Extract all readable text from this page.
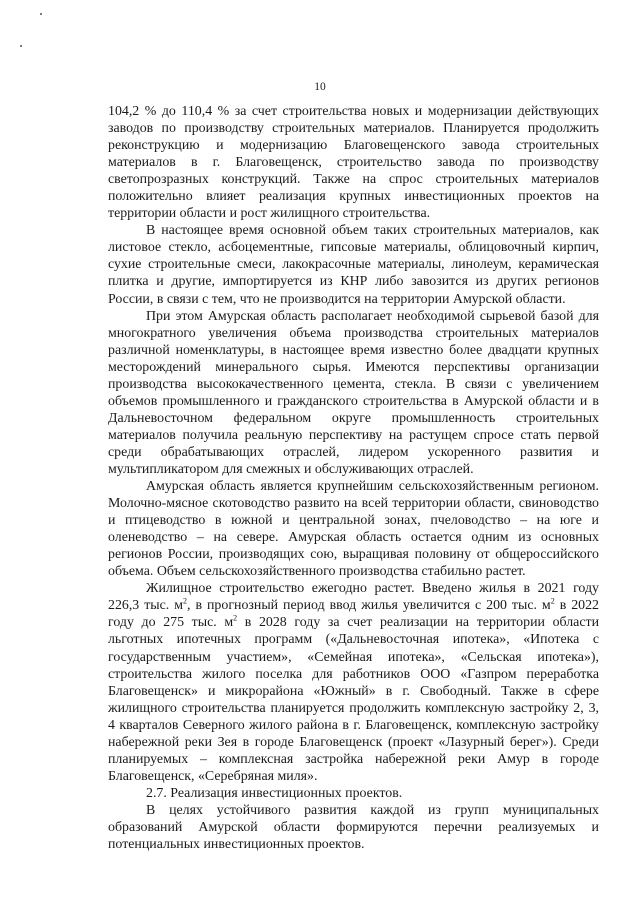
10

104,2 % до 110,4 % за счет строительства новых и модернизации действующих заводов по производству строительных материалов. Планируется продолжить реконструкцию и модернизацию Благовещенского завода строительных материалов в г. Благовещенск, строительство завода по производству светопрозразных конструкций. Также на спрос строительных материалов положительно влияет реализация крупных инвестиционных проектов на территории области и рост жилищного строительства.

В настоящее время основной объем таких строительных материалов, как листовое стекло, асбоцементные, гипсовые материалы, облицовочный кирпич, сухие строительные смеси, лакокрасочные материалы, линолеум, керамическая плитка и другие, импортируется из КНР либо завозится из других регионов России, в связи с тем, что не производится на территории Амурской области.

При этом Амурская область располагает необходимой сырьевой базой для многократного увеличения объема производства строительных материалов различной номенклатуры, в настоящее время известно более двадцати крупных месторождений минерального сырья. Имеются перспективы организации производства высококачественного цемента, стекла. В связи с увеличением объемов промышленного и гражданского строительства в Амурской области и в Дальневосточном федеральном округе промышленность строительных материалов получила реальную перспективу на растущем спросе стать первой среди обрабатывающих отраслей, лидером ускоренного развития и мультипликатором для смежных и обслуживающих отраслей.

Амурская область является крупнейшим сельскохозяйственным регионом. Молочно-мясное скотоводство развито на всей территории области, свиноводство и птицеводство в южной и центральной зонах, пчеловодство – на юге и оленеводство – на севере. Амурская область остается одним из основных регионов России, производящих сою, выращивая половину от общероссийского объема. Объем сельскохозяйственного производства стабильно растет.

Жилищное строительство ежегодно растет. Введено жилья в 2021 году 226,3 тыс. $м^2$, в прогнозный период ввод жилья увеличится с 200 тыс. $м^2$ в 2022 году до 275 тыс. $м^2$ в 2028 году за счет реализации на территории области льготных ипотечных программ («Дальневосточная ипотека», «Ипотека с государственным участием», «Семейная ипотека», «Сельская ипотека»), строительства жилого поселка для работников ООО «Газпром переработка Благовещенск» и микрорайона «Южный» в г. Свободный. Также в сфере жилищного строительства планируется продолжить комплексную застройку 2, 3, 4 кварталов Северного жилого района в г. Благовещенск, комплексную застройку набережной реки Зея в городе Благовещенск (проект «Лазурный берег»). Среди планируемых – комплексная застройка набережной реки Амур в городе Благовещенск, «Серебряная миля».

2.7. Реализация инвестиционных проектов.

В целях устойчивого развития каждой из групп муниципальных образований Амурской области формируются перечни реализуемых и потенциальных инвестиционных проектов.
